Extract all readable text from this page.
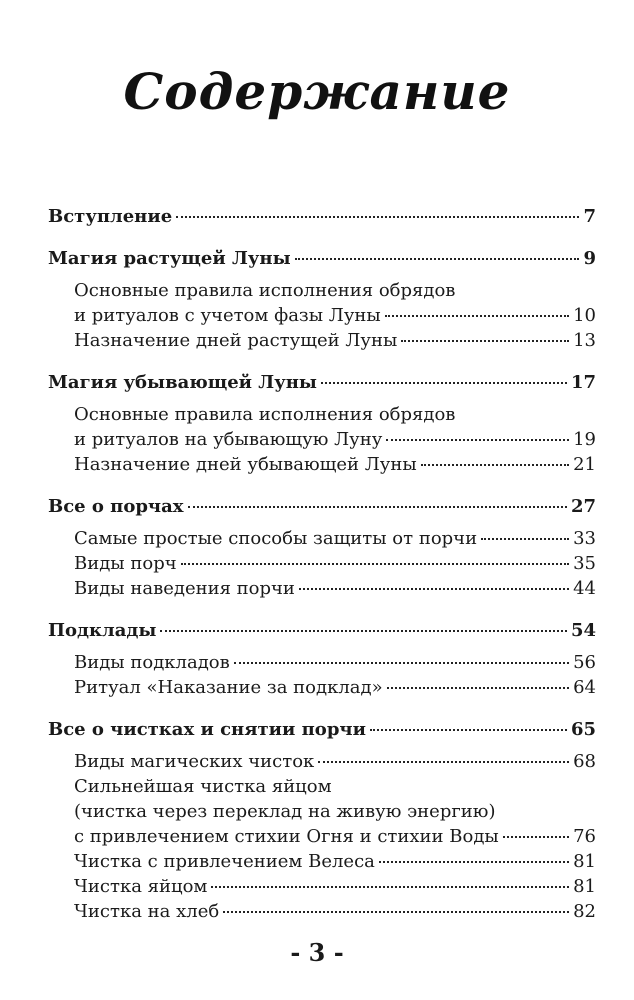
Содержание
Вступление	7
Магия растущей Луны	9
Основные правила исполнения обрядов
и ритуалов с учетом фазы Луны	10
Назначение дней растущей Луны	13
Магия убывающей Луны	17
Основные правила исполнения обрядов
и ритуалов на убывающую Луну	19
Назначение дней убывающей Луны	21
Все о порчах	27
Самые простые способы защиты от порчи	33
Виды порч	35
Виды наведения порчи	44
Подклады	54
Виды подкладов	56
Ритуал «Наказание за подклад»	64
Все о чистках и снятии порчи	65
Виды магических чисток	68
Сильнейшая чистка яйцом
(чистка через переклад на живую энергию)
с привлечением стихии Огня и стихии Воды	76
Чистка с привлечением Велеса	81
Чистка яйцом	81
Чистка на хлеб	82
- 3 -
